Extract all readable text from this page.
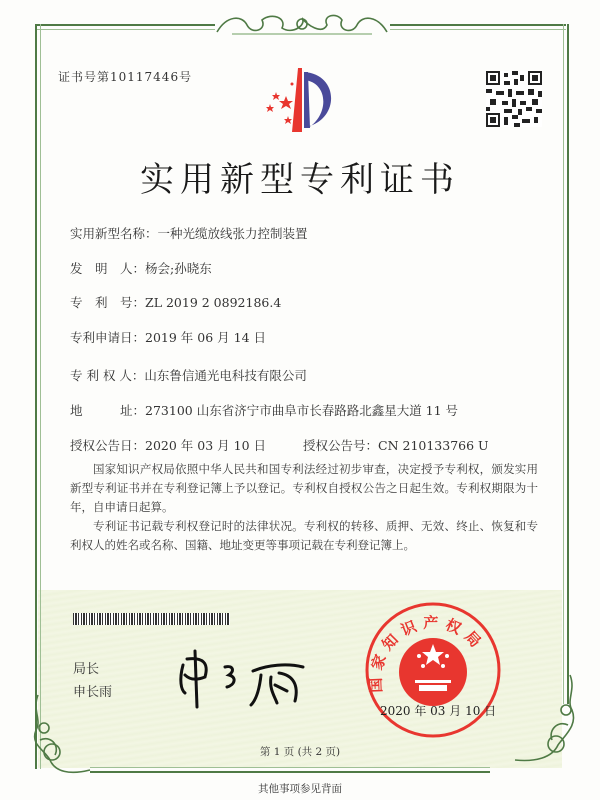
证书号第10117446号
实用新型专利证书
实用新型名称：一种光缆放线张力控制装置
发　明　人：杨会;孙晓东
专　利　号：ZL 2019 2 0892186.4
专利申请日：2019 年 06 月 14 日
专 利 权 人：山东鲁信通光电科技有限公司
地　　　址：273100 山东省济宁市曲阜市长春路路北鑫星大道 11 号
授权公告日：2020 年 03 月 10 日	授权公告号：CN 210133766 U

国家知识产权局依照中华人民共和国专利法经过初步审查，决定授予专利权，颁发实用新型专利证书并在专利登记簿上予以登记。专利权自授权公告之日起生效。专利权期限为十年，自申请日起算。

专利证书记载专利权登记时的法律状况。专利权的转移、质押、无效、终止、恢复和专利权人的姓名或名称、国籍、地址变更等事项记载在专利登记簿上。

局长
申长雨	国家知识产权局
2020 年 03 月 10 日
第 1 页 (共 2 页)
其他事项参见背面
